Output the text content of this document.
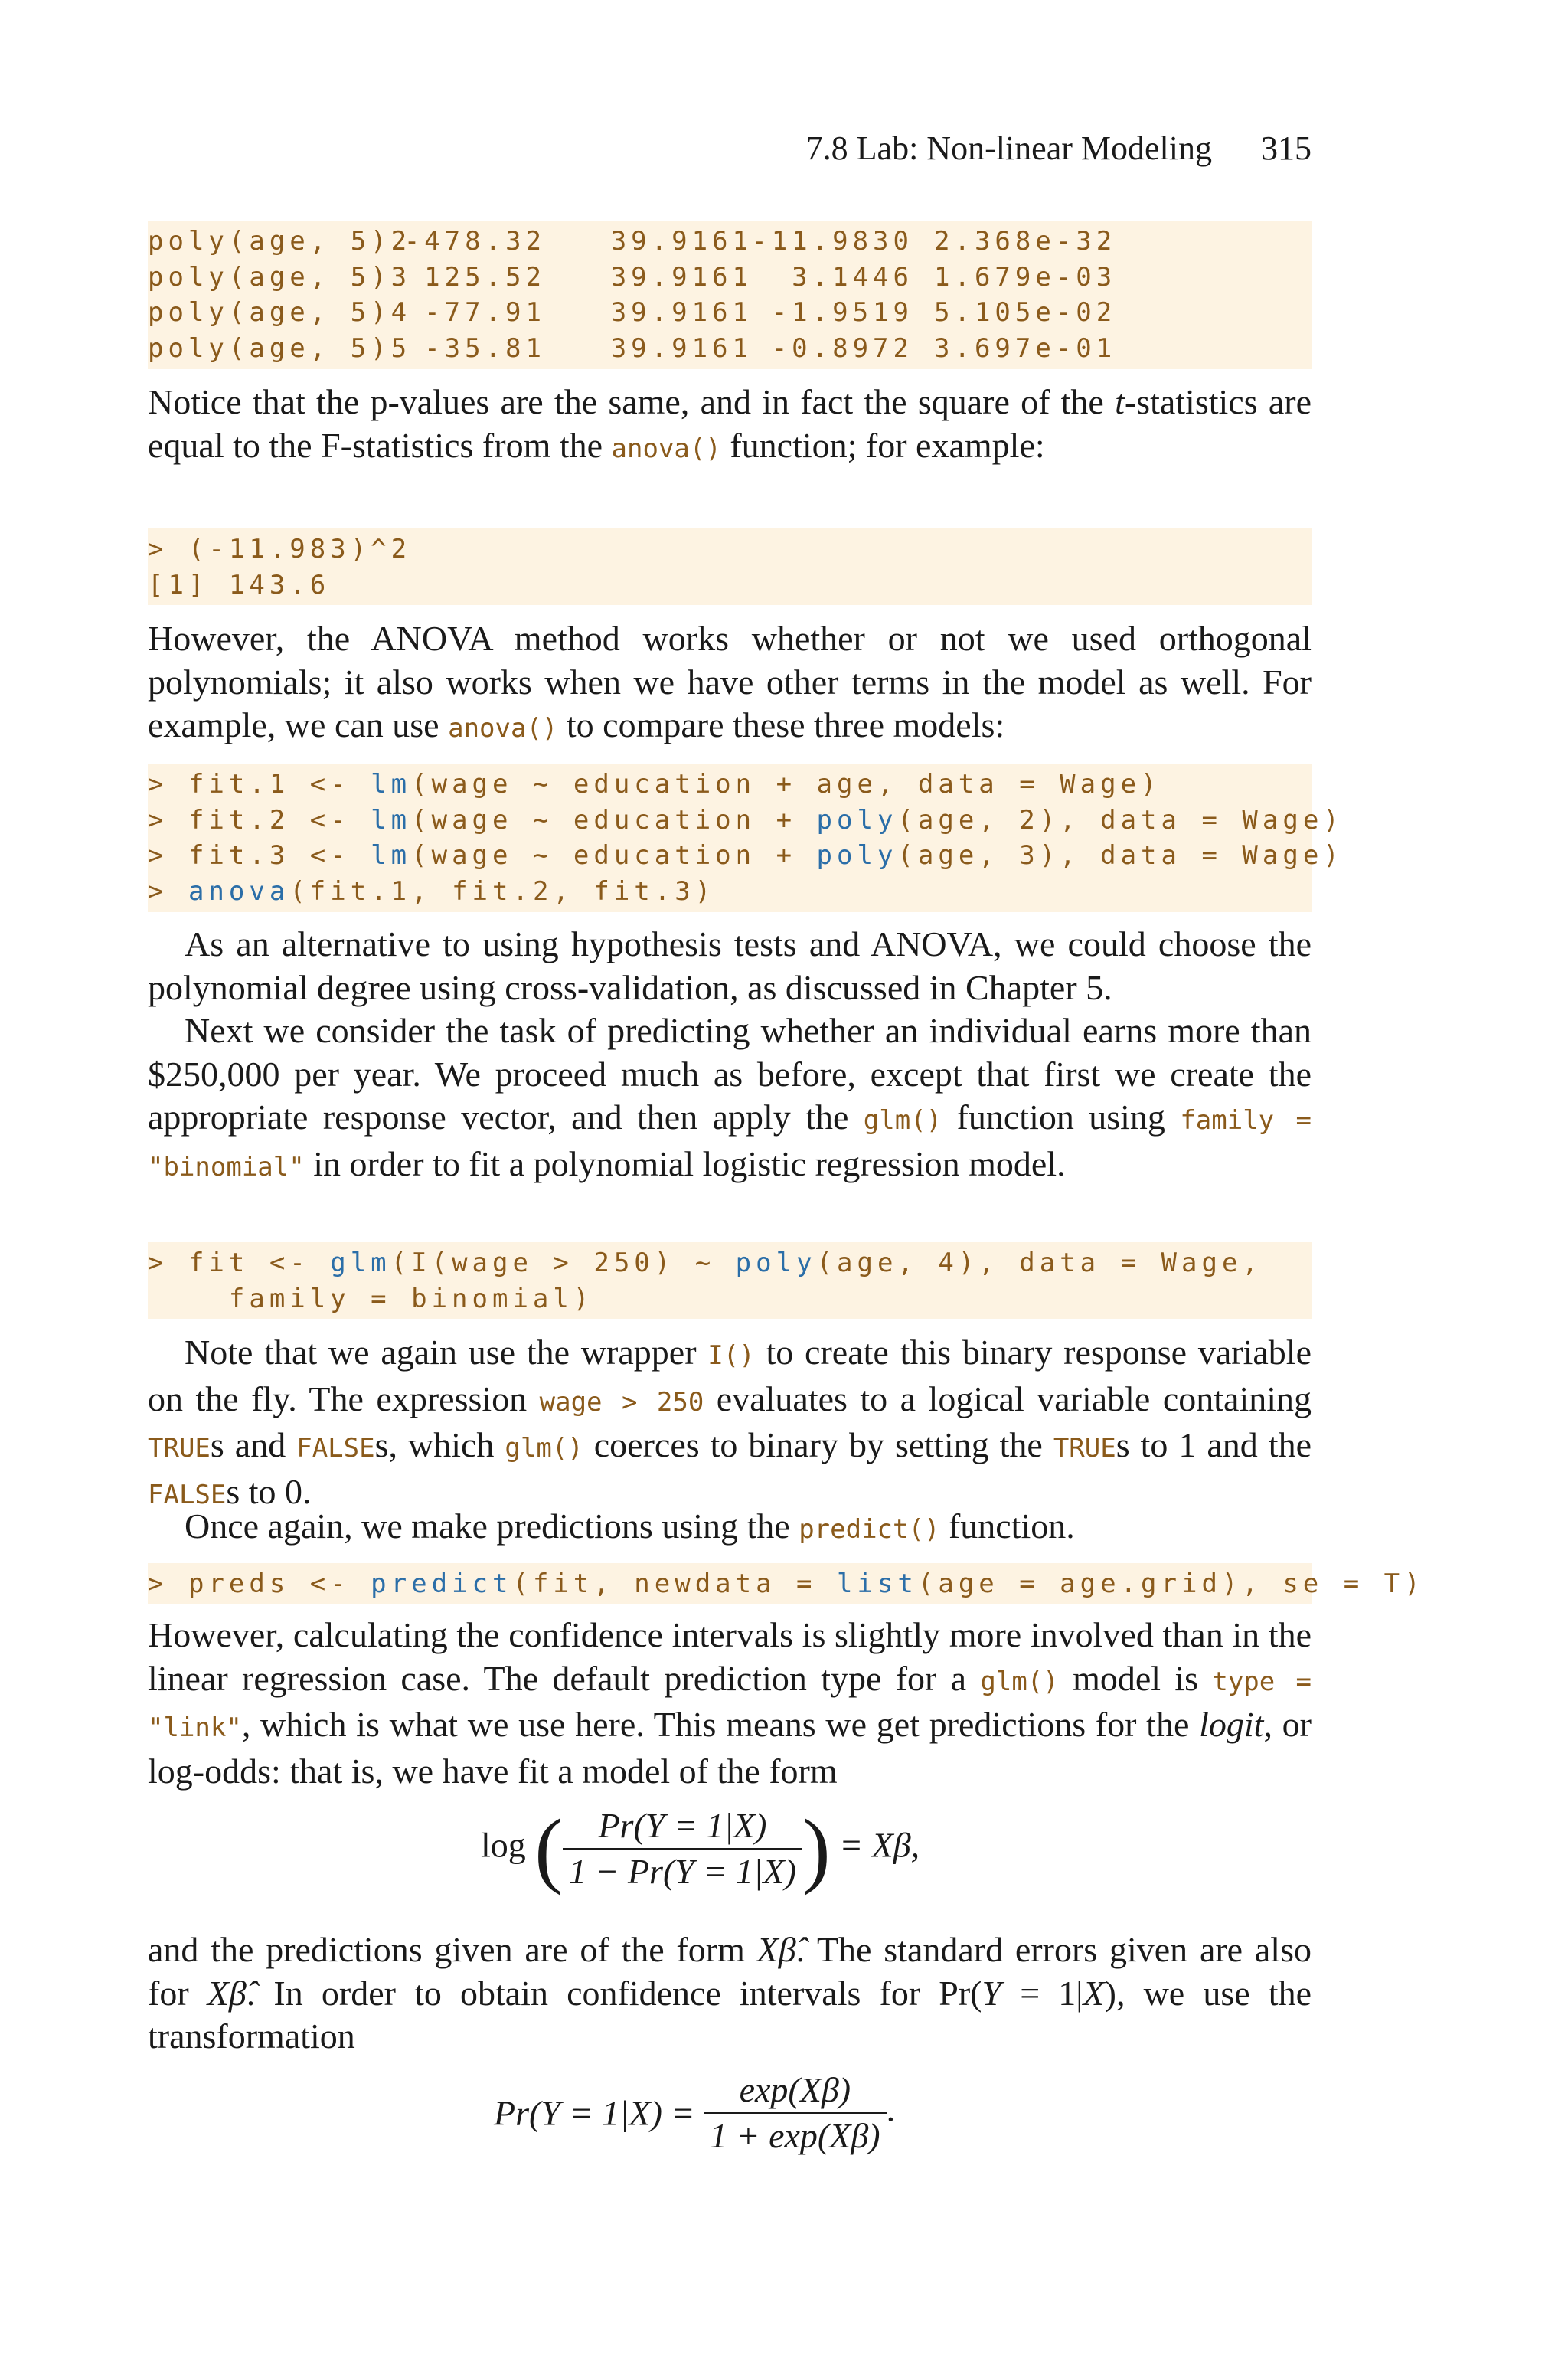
7.8 Lab: Non-linear Modeling 315
poly(age, 5)2
-478.32 39.9161
-11.9830 2.368e-32
poly(age, 5)3 125.52 39.9161 3.1446 1.679e-03
poly(age, 5)4 -77.91 39.9161 -1.9519 5.105e-02
poly(age, 5)5 -35.81 39.9161 -0.8972 3.697e-01
Notice that the p-values are the same, and in fact the square of the t-statistics are equal to the F-statistics from the anova() function; for example:
> (-11.983)^2
[1] 143.6
However, the ANOVA method works whether or not we used orthogonal polynomials; it also works when we have other terms in the model as well. For example, we can use anova() to compare these three models:
> fit.1 <- lm(wage ~ education + age, data = Wage)
> fit.2 <- lm(wage ~ education + poly(age, 2), data = Wage)
> fit.3 <- lm(wage ~ education + poly(age, 3), data = Wage)
> anova(fit.1, fit.2, fit.3)
As an alternative to using hypothesis tests and ANOVA, we could choose the polynomial degree using cross-validation, as discussed in Chapter 5.
Next we consider the task of predicting whether an individual earns more than $250,000 per year. We proceed much as before, except that first we create the appropriate response vector, and then apply the glm() function using family = "binomial" in order to fit a polynomial logistic regression model.
> fit <- glm(I(wage > 250) ~ poly(age, 4), data = Wage,
family = binomial)
Note that we again use the wrapper I() to create this binary response variable on the fly. The expression wage > 250 evaluates to a logical variable containing TRUEs and FALSEs, which glm() coerces to binary by setting the TRUEs to 1 and the FALSEs to 0.
Once again, we make predictions using the predict() function.
> preds <- predict(fit, newdata = list(age = age.grid), se = T)
However, calculating the confidence intervals is slightly more involved than in the linear regression case. The default prediction type for a glm() model is type = "link", which is what we use here. This means we get predictions for the logit, or log-odds: that is, we have fit a model of the form
log ( $\frac{Pr(Y = 1|X)}{1 - Pr(Y = 1|X)}$ ) = Xβ,
and the predictions given are of the form Xβ̂. The standard errors given are also for Xβ̂. In order to obtain confidence intervals for Pr(Y = 1|X), we use the transformation
$Pr(Y = 1|X) = \frac{\exp(X\beta)}{1 + \exp(X\beta)}$ .
